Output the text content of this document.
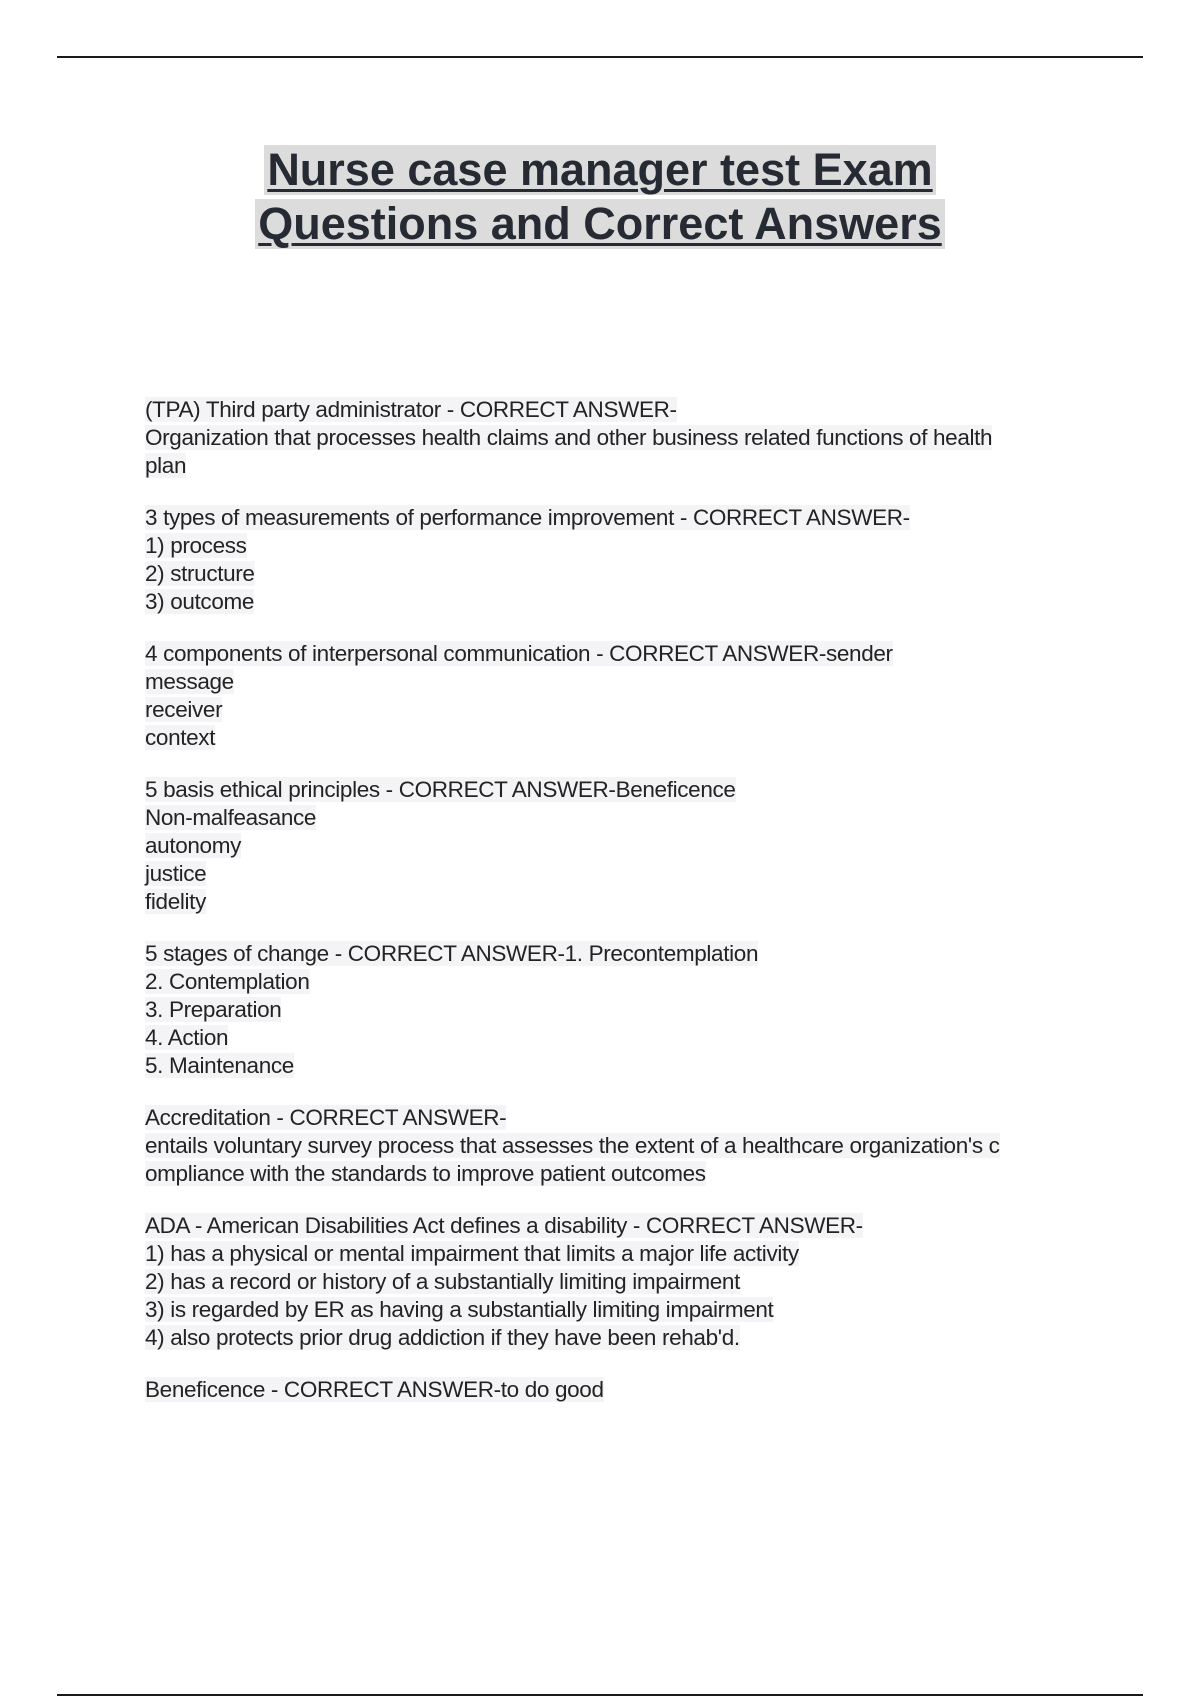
Nurse case manager test Exam
Questions and Correct Answers
(TPA) Third party administrator - CORRECT ANSWER-
Organization that processes health claims and other business related functions of health
plan
3 types of measurements of performance improvement - CORRECT ANSWER-
1) process
2) structure
3) outcome
4 components of interpersonal communication - CORRECT ANSWER-sender
message
receiver
context
5 basis ethical principles - CORRECT ANSWER-Beneficence
Non-malfeasance
autonomy
justice
fidelity
5 stages of change - CORRECT ANSWER-1. Precontemplation
2. Contemplation
3. Preparation
4. Action
5. Maintenance
Accreditation - CORRECT ANSWER-
entails voluntary survey process that assesses the extent of a healthcare organization's c
ompliance with the standards to improve patient outcomes
ADA - American Disabilities Act defines a disability - CORRECT ANSWER-
1) has a physical or mental impairment that limits a major life activity
2) has a record or history of a substantially limiting impairment
3) is regarded by ER as having a substantially limiting impairment
4) also protects prior drug addiction if they have been rehab'd.
Beneficence - CORRECT ANSWER-to do good
